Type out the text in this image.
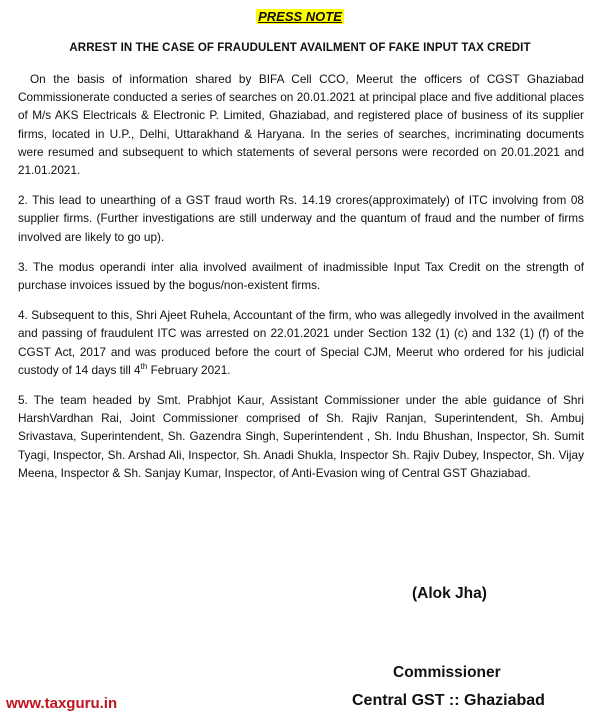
PRESS NOTE
ARREST IN THE CASE OF FRAUDULENT AVAILMENT OF FAKE INPUT TAX CREDIT

On the basis of information shared by BIFA Cell CCO, Meerut the officers of CGST Ghaziabad Commissionerate conducted a series of searches on 20.01.2021 at principal place and five additional places of M/s AKS Electricals & Electronic P. Limited, Ghaziabad, and registered place of business of its supplier firms, located in U.P., Delhi, Uttarakhand & Haryana. In the series of searches, incriminating documents were resumed and subsequent to which statements of several persons were recorded on 20.01.2021 and 21.01.2021.

2. This lead to unearthing of a GST fraud worth Rs. 14.19 crores(approximately) of ITC involving from 08 supplier firms. (Further investigations are still underway and the quantum of fraud and the number of firms involved are likely to go up).

3. The modus operandi inter alia involved availment of inadmissible Input Tax Credit on the strength of purchase invoices issued by the bogus/non-existent firms.

4. Subsequent to this, Shri Ajeet Ruhela, Accountant of the firm, who was allegedly involved in the availment and passing of fraudulent ITC was arrested on 22.01.2021 under Section 132 (1) (c) and 132 (1) (f) of the CGST Act, 2017 and was produced before the court of Special CJM, Meerut who ordered for his judicial custody of 14 days till 4th February 2021.

5. The team headed by Smt. Prabhjot Kaur, Assistant Commissioner under the able guidance of Shri HarshVardhan Rai, Joint Commissioner comprised of Sh. Rajiv Ranjan, Superintendent, Sh. Ambuj Srivastava, Superintendent, Sh. Gazendra Singh, Superintendent , Sh. Indu Bhushan, Inspector, Sh. Sumit Tyagi, Inspector, Sh. Arshad Ali, Inspector, Sh. Anadi Shukla, Inspector Sh. Rajiv Dubey, Inspector, Sh. Vijay Meena, Inspector & Sh. Sanjay Kumar, Inspector, of Anti-Evasion wing of Central GST Ghaziabad.

(Alok Jha)
Commissioner
Central GST :: Ghaziabad
www.taxguru.in
